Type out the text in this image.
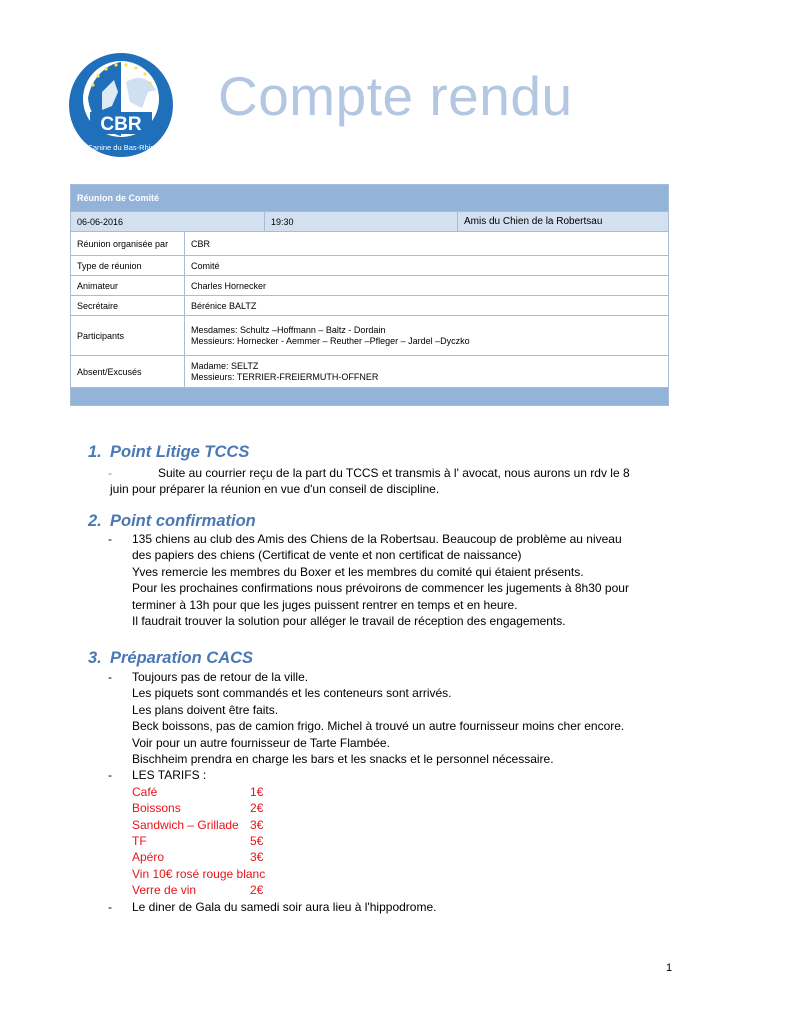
CBR
Canine du Bas-Rhin
Compte rendu
Réunion de Comité			
06-06-2016		19:30	Amis du Chien de la Robertsau
Réunion organisée par	CBR		
Type de réunion	Comité		
Animateur	Charles Hornecker		
Secrétaire	Bérénice BALTZ		
Participants	Mesdames: Schultz –Hoffmann – Baltz - Dordain
Messieurs: Hornecker - Aemmer – Reuther –Pfleger – Jardel –Dyczko		

Absent/Excusés	Madame: SELTZ
Messieurs: TERRIER-FREIERMUTH-OFFNER		

1. Point Litige TCCS
-	Suite au courrier reçu de la part du TCCS et transmis à l' avocat, nous aurons un rdv le 8
juin pour préparer la réunion en vue d'un conseil de discipline.
2. Point confirmation
- 135 chiens au club des Amis des Chiens de la Robertsau. Beaucoup de problème au niveau
des papiers des chiens (Certificat de vente et non certificat de naissance)
Yves remercie les membres du Boxer et les membres du comité qui étaient présents.
Pour les prochaines confirmations nous prévoirons de commencer les jugements à 8h30 pour
terminer à 13h pour que les juges puissent rentrer en temps et en heure.
Il faudrait trouver la solution pour alléger le travail de réception des engagements.
3. Préparation CACS
- Toujours pas de retour de la ville.
Les piquets sont commandés et les conteneurs sont arrivés.
Les plans doivent être faits.
Beck boissons, pas de camion frigo. Michel à trouvé un autre fournisseur moins cher encore.
Voir pour un autre fournisseur de Tarte Flambée.
Bischheim prendra en charge les bars et les snacks et le personnel nécessaire.
- LES TARIFS :
Café	1€
Boissons	2€
Sandwich – Grillade 3€
TF	5€
Apéro	3€
Vin 10€ rosé rouge blanc
Verre de vin	2€
- Le diner de Gala du samedi soir aura lieu à l'hippodrome.
1
